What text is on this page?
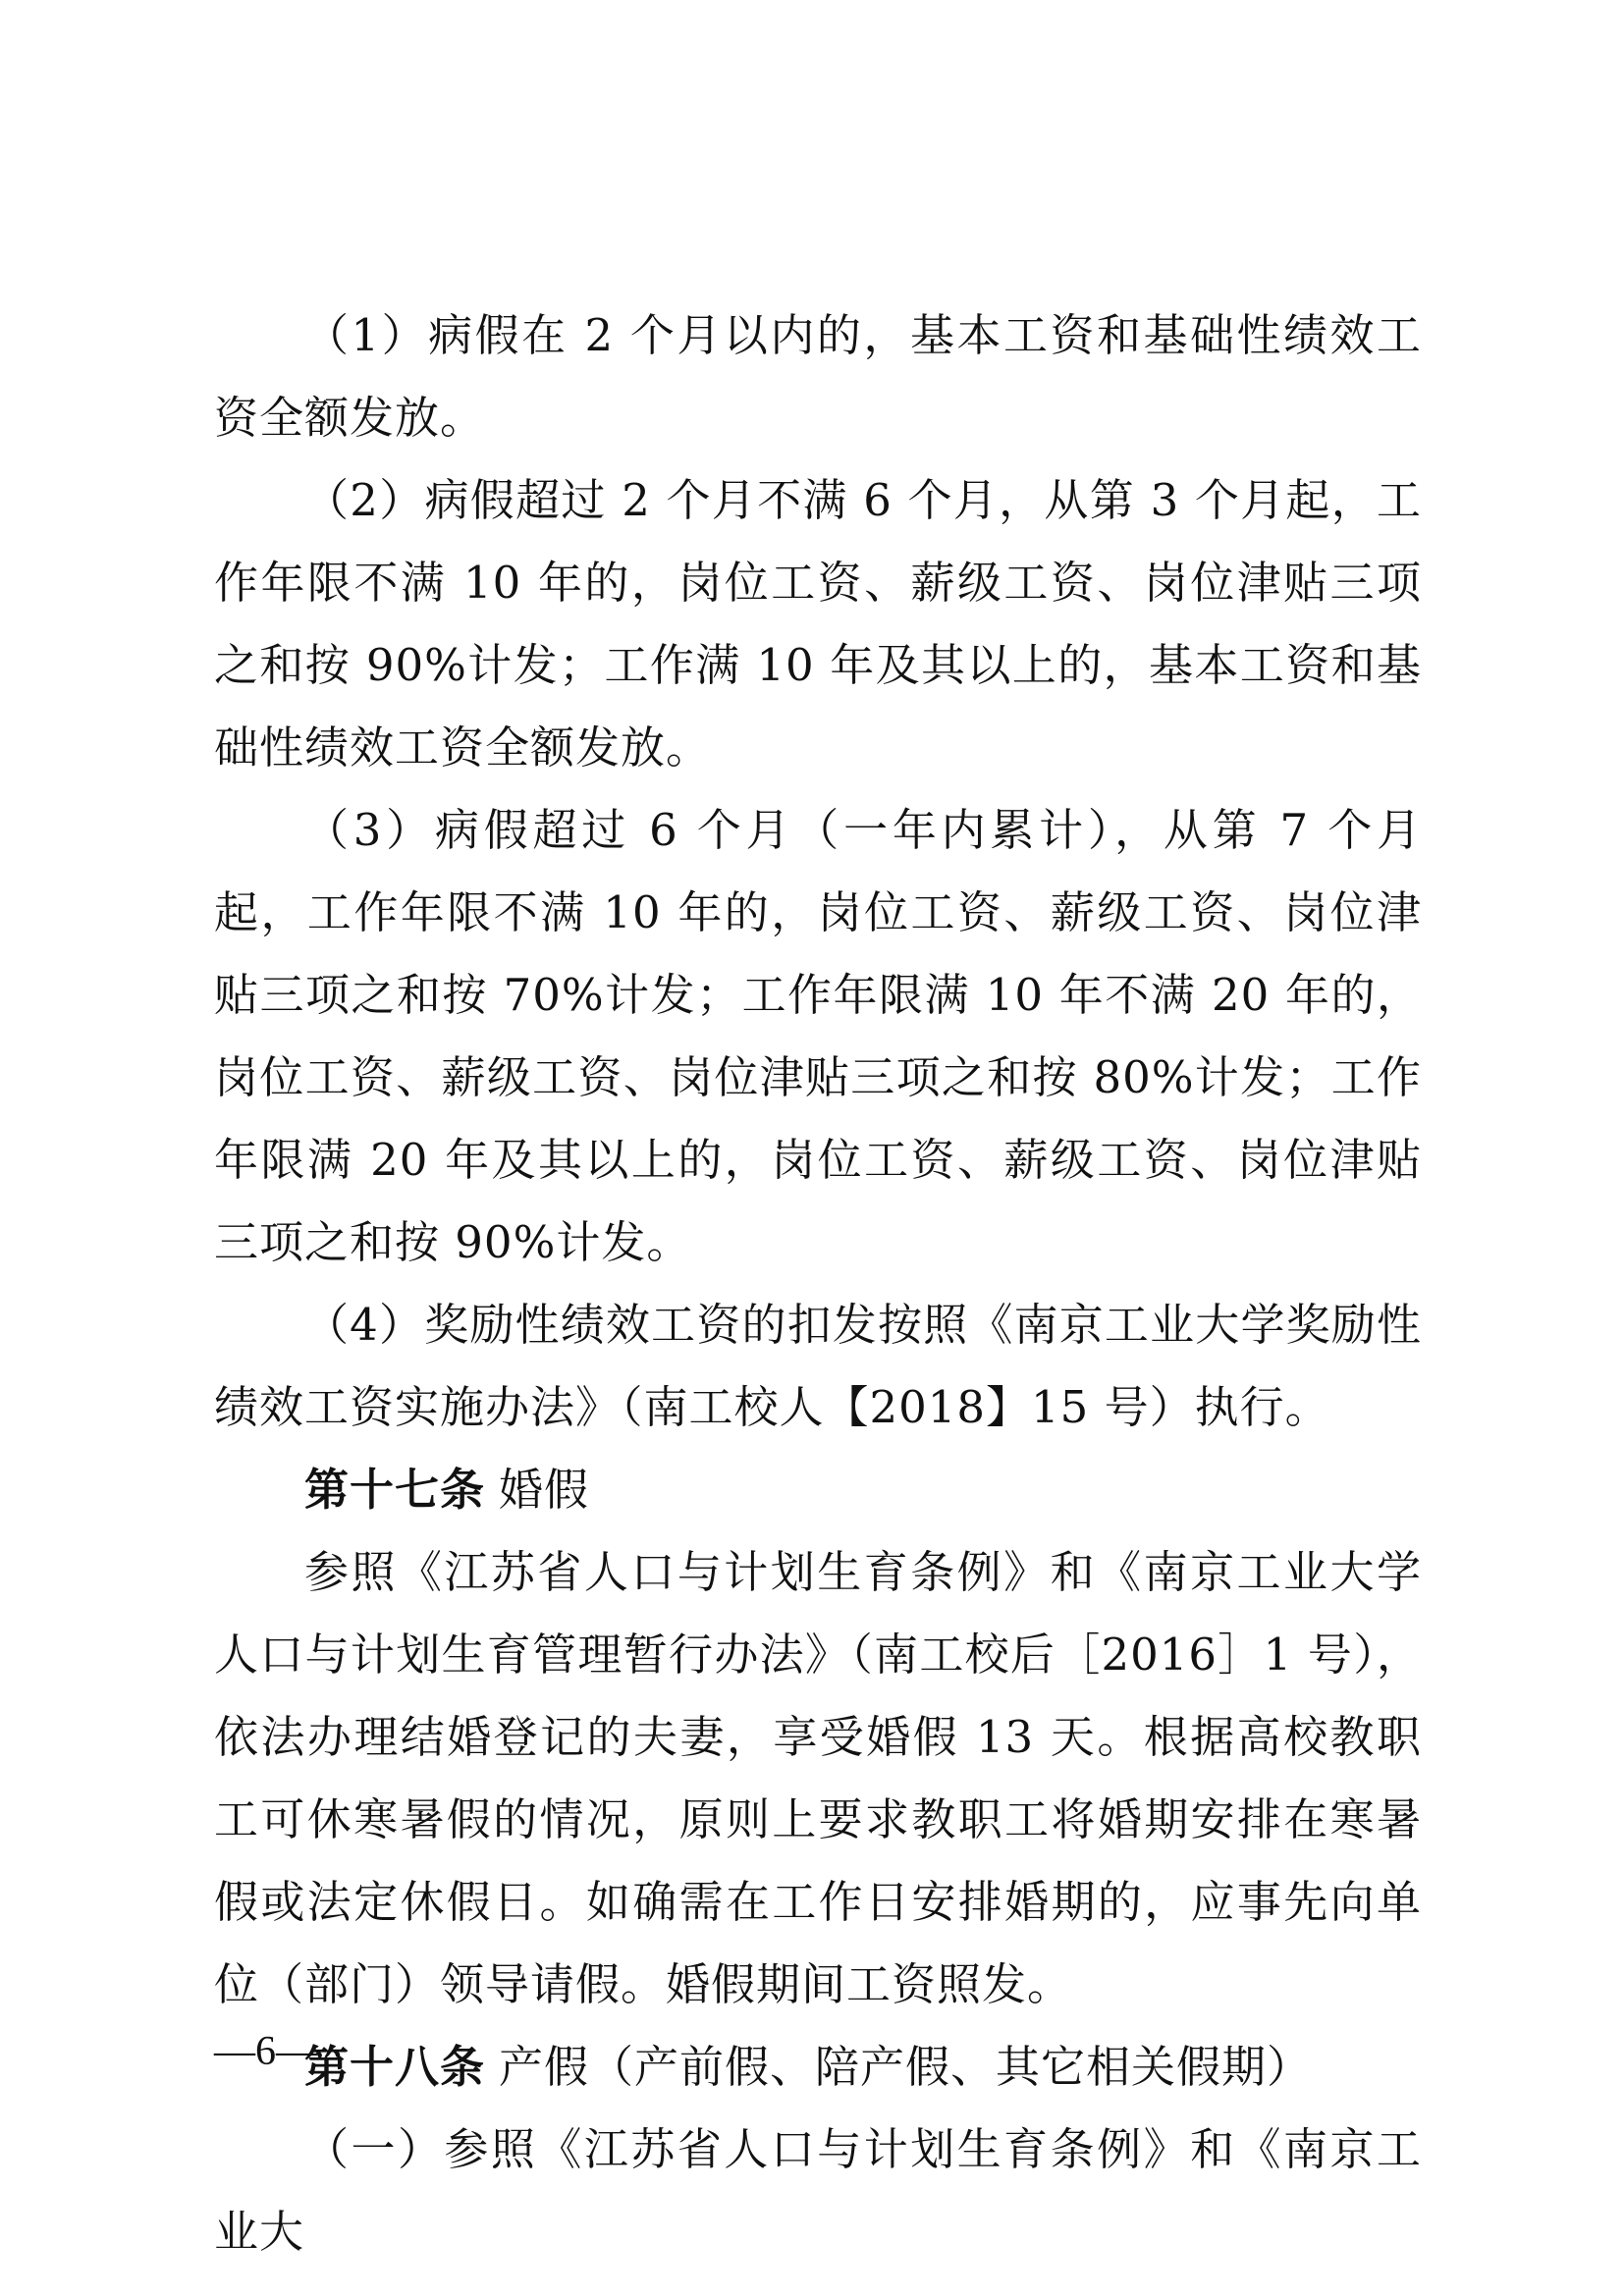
（1）病假在 2 个月以内的，基本工资和基础性绩效工资全额发放。

（2）病假超过 2 个月不满 6 个月，从第 3 个月起，工作年限不满 10 年的，岗位工资、薪级工资、岗位津贴三项之和按 90%计发；工作满 10 年及其以上的，基本工资和基础性绩效工资全额发放。

（3）病假超过 6 个月（一年内累计），从第 7 个月起，工作年限不满 10 年的，岗位工资、薪级工资、岗位津贴三项之和按 70%计发；工作年限满 10 年不满 20 年的，岗位工资、薪级工资、岗位津贴三项之和按 80%计发；工作年限满 20 年及其以上的，岗位工资、薪级工资、岗位津贴三项之和按 90%计发。

（4）奖励性绩效工资的扣发按照《南京工业大学奖励性绩效工资实施办法》（南工校人【2018】15 号）执行。

第十七条 婚假

参照《江苏省人口与计划生育条例》和《南京工业大学人口与计划生育管理暂行办法》（南工校后［2016］1 号），依法办理结婚登记的夫妻，享受婚假 13 天。根据高校教职工可休寒暑假的情况，原则上要求教职工将婚期安排在寒暑假或法定休假日。如确需在工作日安排婚期的，应事先向单位（部门）领导请假。婚假期间工资照发。

第十八条 产假（产前假、陪产假、其它相关假期）

（一）参照《江苏省人口与计划生育条例》和《南京工业大

—6—
